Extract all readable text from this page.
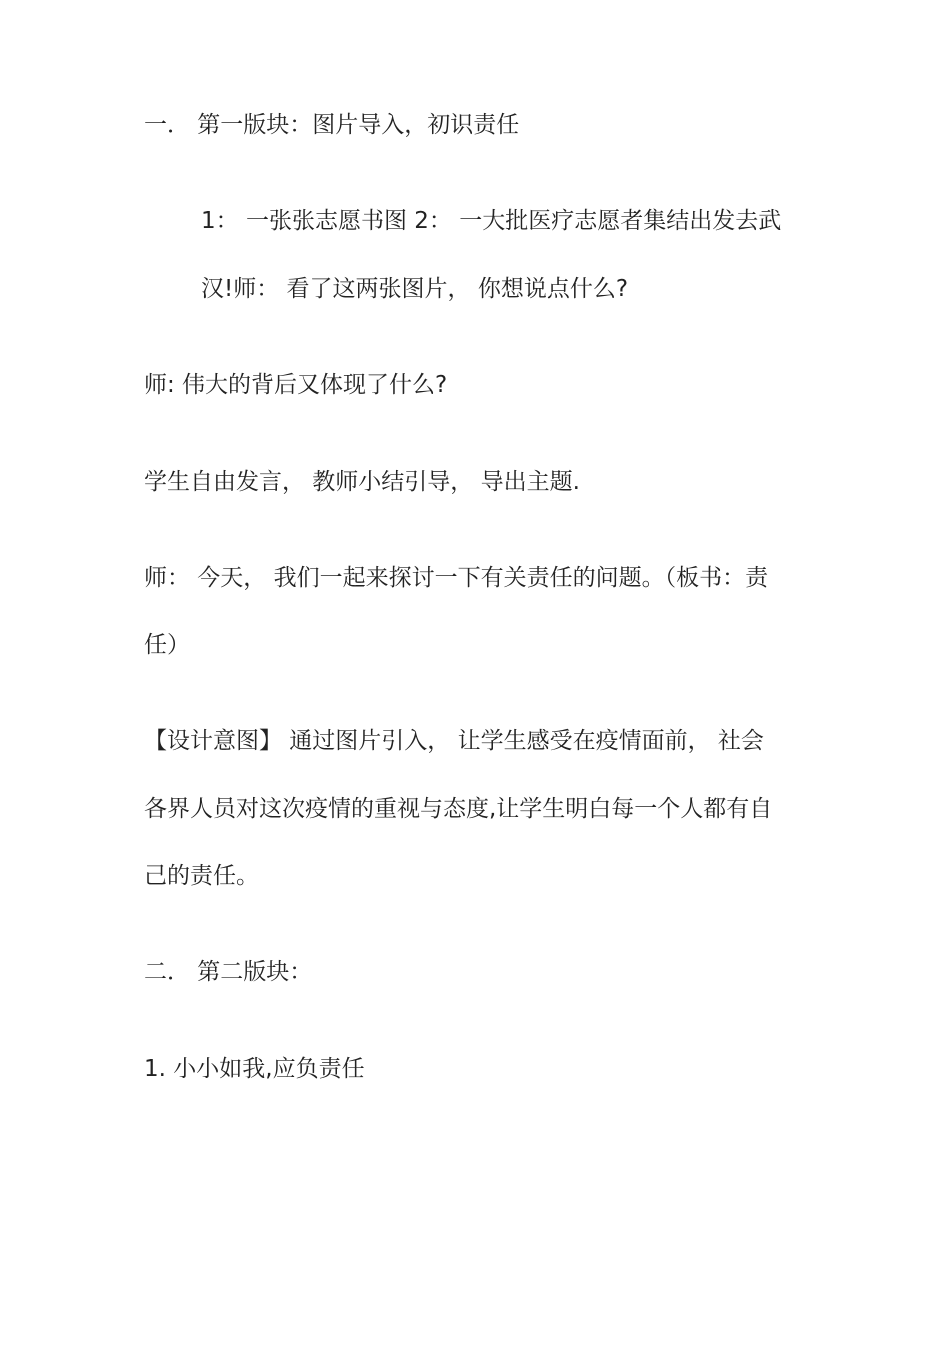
一． 第一版块：图片导入，初识责任
1： 一张张志愿书图 2： 一大批医疗志愿者集结出发去武
汉!师： 看了这两张图片， 你想说点什么?
师: 伟大的背后又体现了什么?
学生自由发言， 教师小结引导， 导出主题.
师： 今天， 我们一起来探讨一下有关责任的问题。（板书：责
任）
【设计意图】 通过图片引入， 让学生感受在疫情面前， 社会
各界人员对这次疫情的重视与态度,让学生明白每一个人都有自
己的责任。
二． 第二版块：
1. 小小如我,应负责任
